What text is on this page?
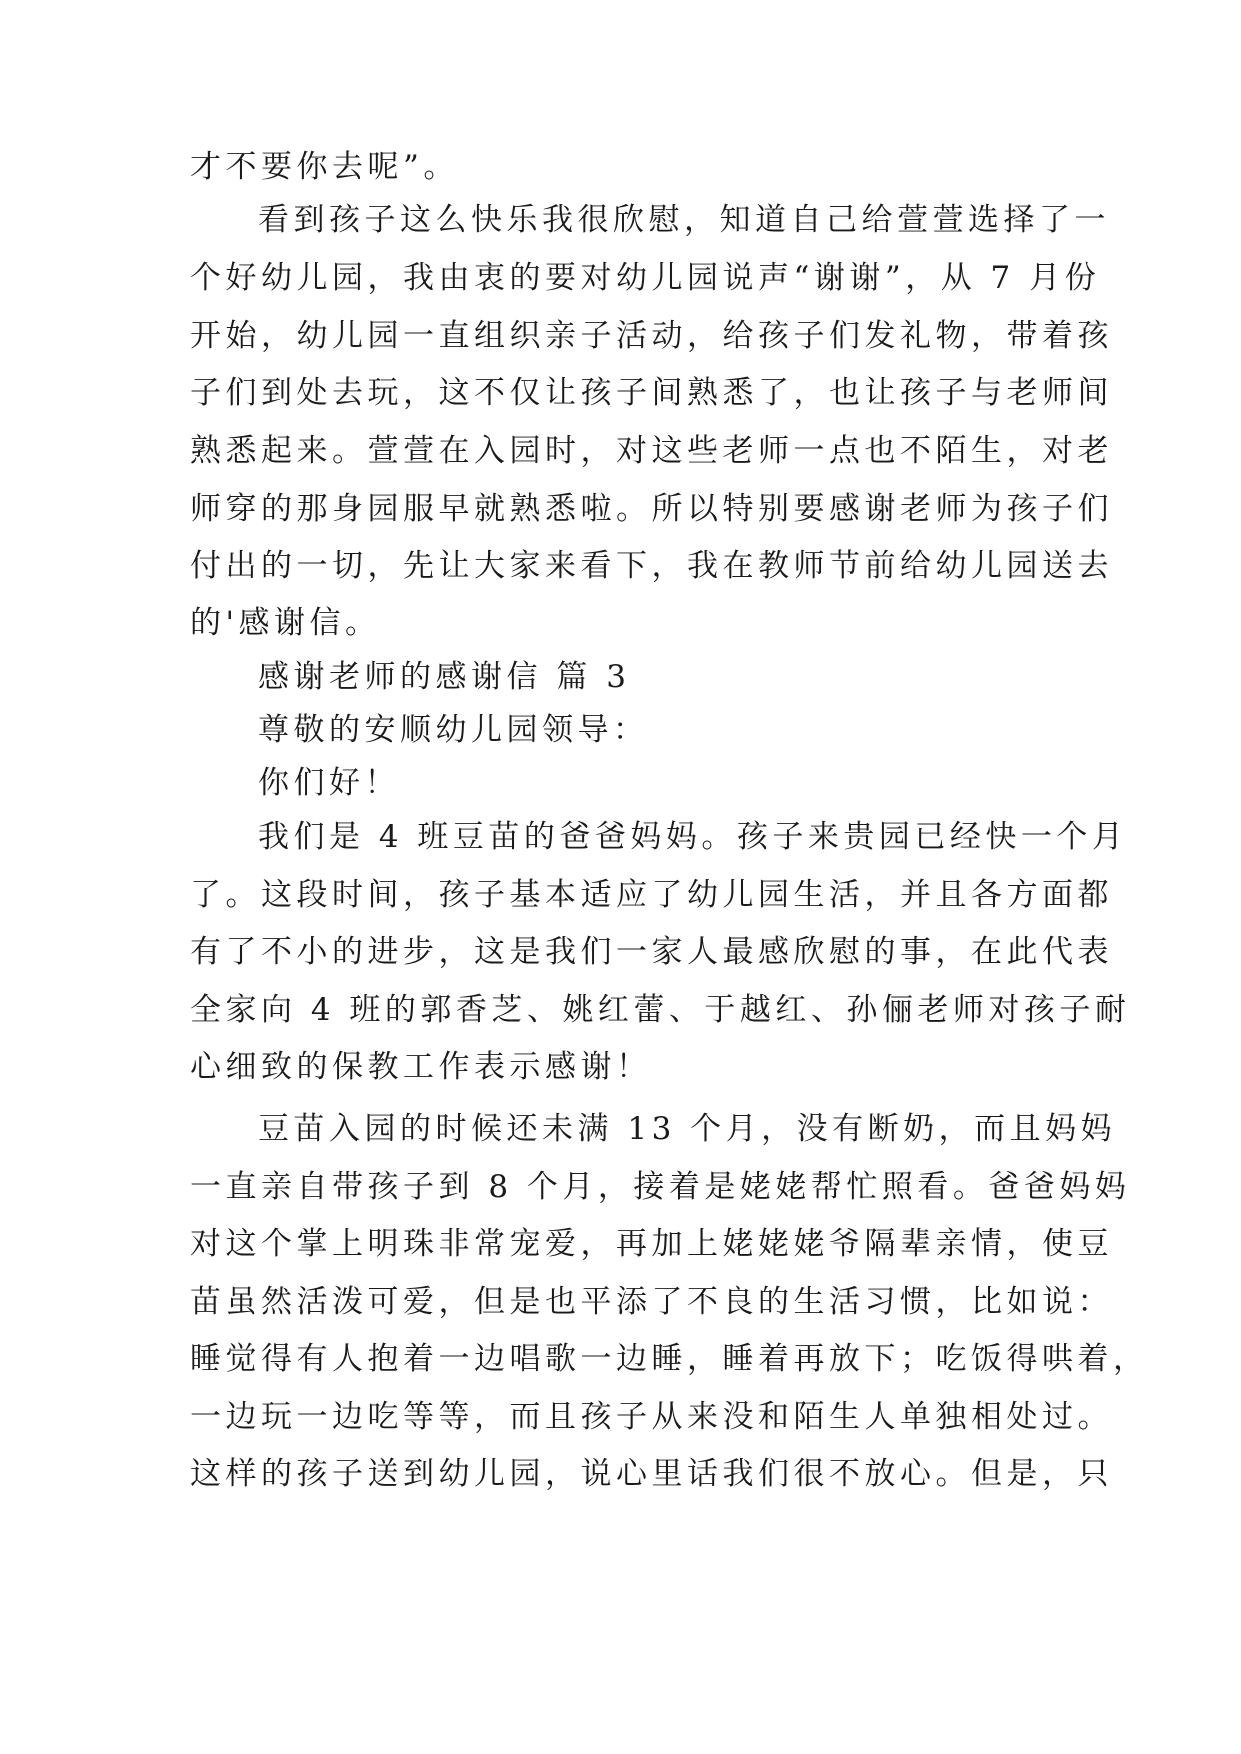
才不要你去呢”。
看到孩子这么快乐我很欣慰，知道自己给萱萱选择了一
个好幼儿园，我由衷的要对幼儿园说声“谢谢”，从 7 月份
开始，幼儿园一直组织亲子活动，给孩子们发礼物，带着孩
子们到处去玩，这不仅让孩子间熟悉了，也让孩子与老师间
熟悉起来。萱萱在入园时，对这些老师一点也不陌生，对老
师穿的那身园服早就熟悉啦。所以特别要感谢老师为孩子们
付出的一切，先让大家来看下，我在教师节前给幼儿园送去
的'感谢信。
感谢老师的感谢信 篇 3
尊敬的安顺幼儿园领导：
你们好！
我们是 4 班豆苗的爸爸妈妈。孩子来贵园已经快一个月
了。这段时间，孩子基本适应了幼儿园生活，并且各方面都
有了不小的进步，这是我们一家人最感欣慰的事，在此代表
全家向 4 班的郭香芝、姚红蕾、于越红、孙俪老师对孩子耐
心细致的保教工作表示感谢！
豆苗入园的时候还未满 13 个月，没有断奶，而且妈妈
一直亲自带孩子到 8 个月，接着是姥姥帮忙照看。爸爸妈妈
对这个掌上明珠非常宠爱，再加上姥姥姥爷隔辈亲情，使豆
苗虽然活泼可爱，但是也平添了不良的生活习惯，比如说：
睡觉得有人抱着一边唱歌一边睡，睡着再放下；吃饭得哄着，
一边玩一边吃等等，而且孩子从来没和陌生人单独相处过。
这样的孩子送到幼儿园，说心里话我们很不放心。但是，只
